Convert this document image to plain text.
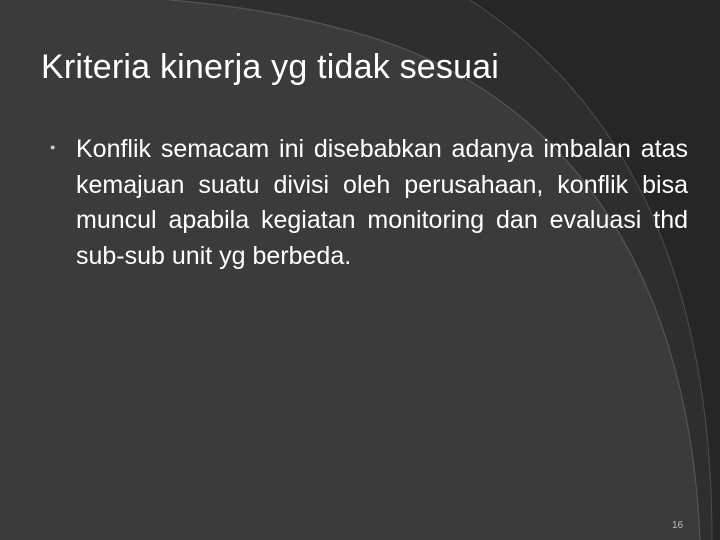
Kriteria kinerja yg tidak sesuai
● Konflik semacam ini disebabkan adanya imbalan atas kemajuan suatu divisi oleh perusahaan, konflik bisa muncul apabila kegiatan monitoring dan evaluasi thd sub-sub unit yg berbeda.
16
